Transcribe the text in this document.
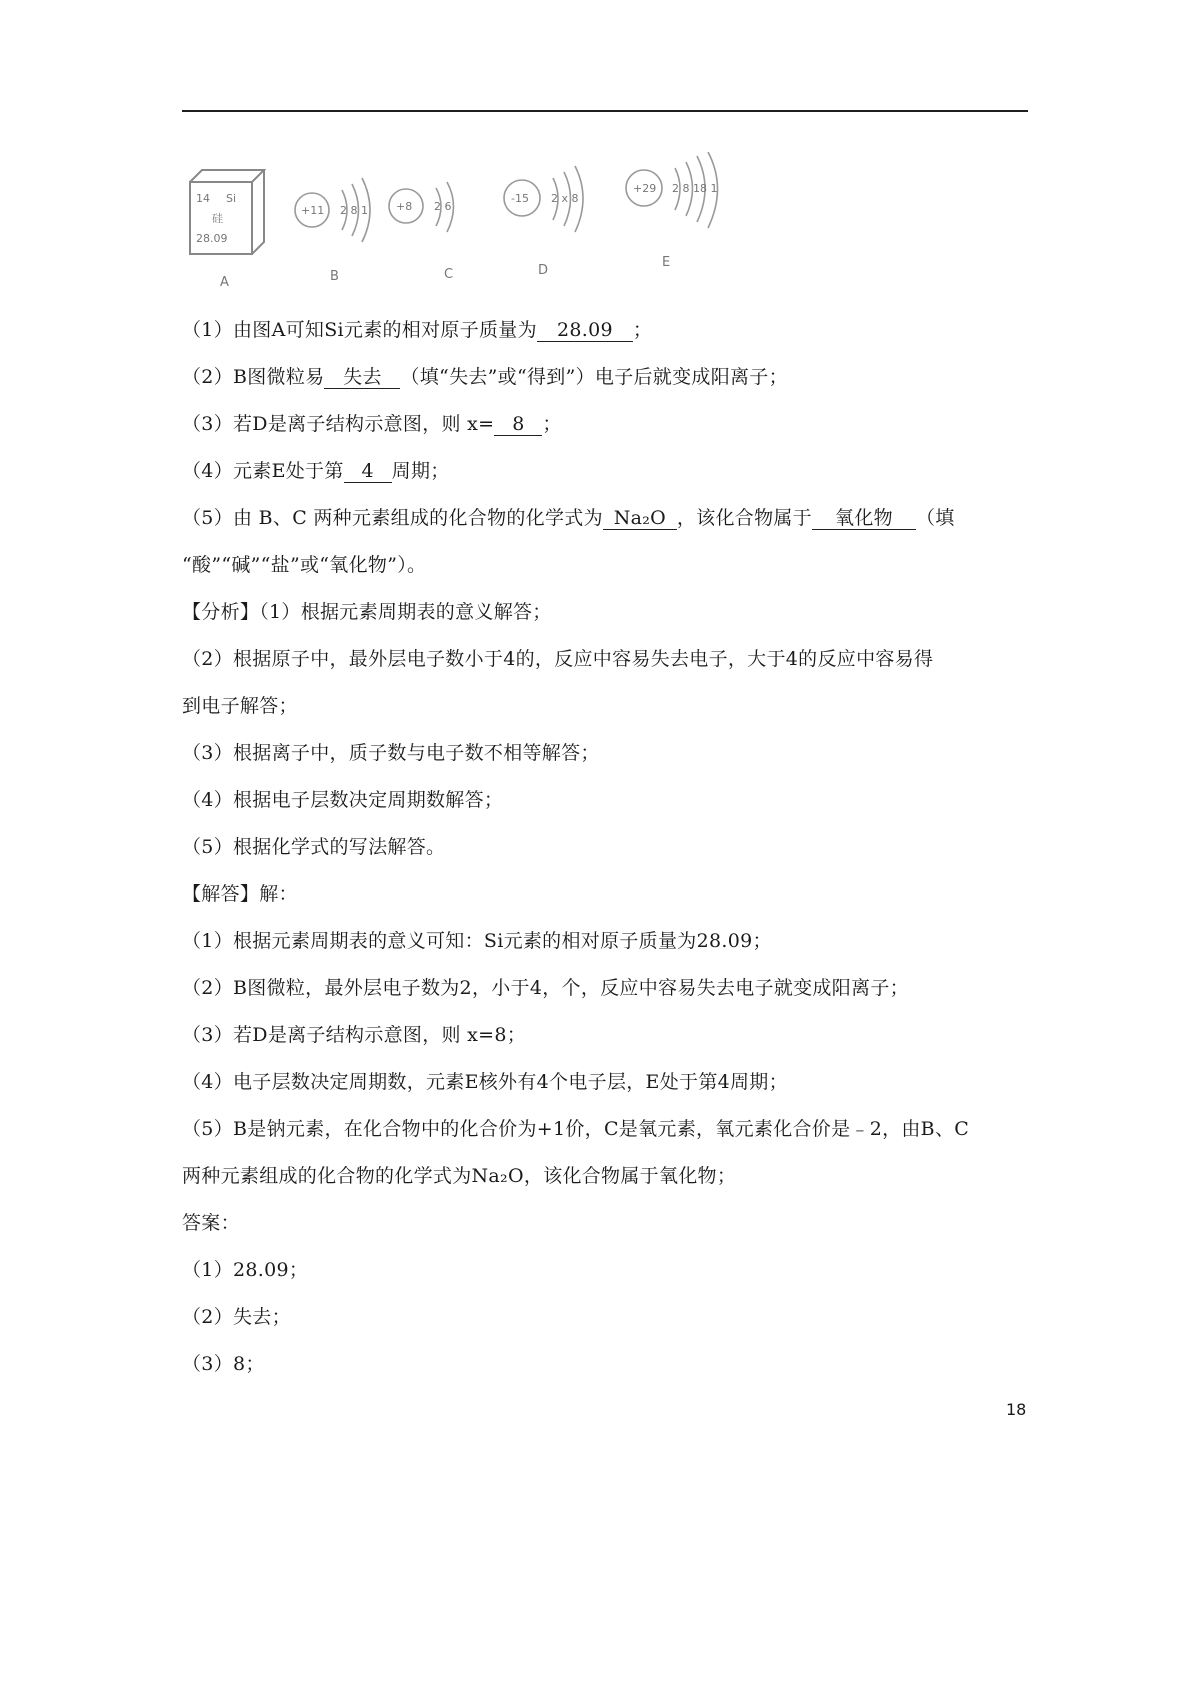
14 Si
硅
28.09
+11 2 8 1	+8 2 6
-15 2 x 8
+29 2 8 18 1
A	B	C	D
E
（1）由图A可知Si元素的相对原子质量为 28.09 ；
（2）B图微粒易 失去 （填“失去”或“得到”）电子后就变成阳离子；
（3）若D是离子结构示意图，则 x= 8 ；
（4）元素E处于第 4 周期；
（5）由 B、C 两种元素组成的化合物的化学式为 Na₂O ，该化合物属于 氧化物 （填
“酸”“碱”“盐”或“氧化物”）。
【分析】（1）根据元素周期表的意义解答；
（2）根据原子中，最外层电子数小于4的，反应中容易失去电子，大于4的反应中容易得
到电子解答；
（3）根据离子中，质子数与电子数不相等解答；
（4）根据电子层数决定周期数解答；
（5）根据化学式的写法解答。
【解答】解：
（1）根据元素周期表的意义可知：Si元素的相对原子质量为28.09；
（2）B图微粒，最外层电子数为2，小于4，个，反应中容易失去电子就变成阳离子；
（3）若D是离子结构示意图，则 x=8；
（4）电子层数决定周期数，元素E核外有4个电子层，E处于第4周期；
（5）B是钠元素，在化合物中的化合价为+1价，C是氧元素，氧元素化合价是﹣2，由B、C
两种元素组成的化合物的化学式为Na₂O，该化合物属于氧化物；
答案：
（1）28.09；
（2）失去；
（3）8；
18
